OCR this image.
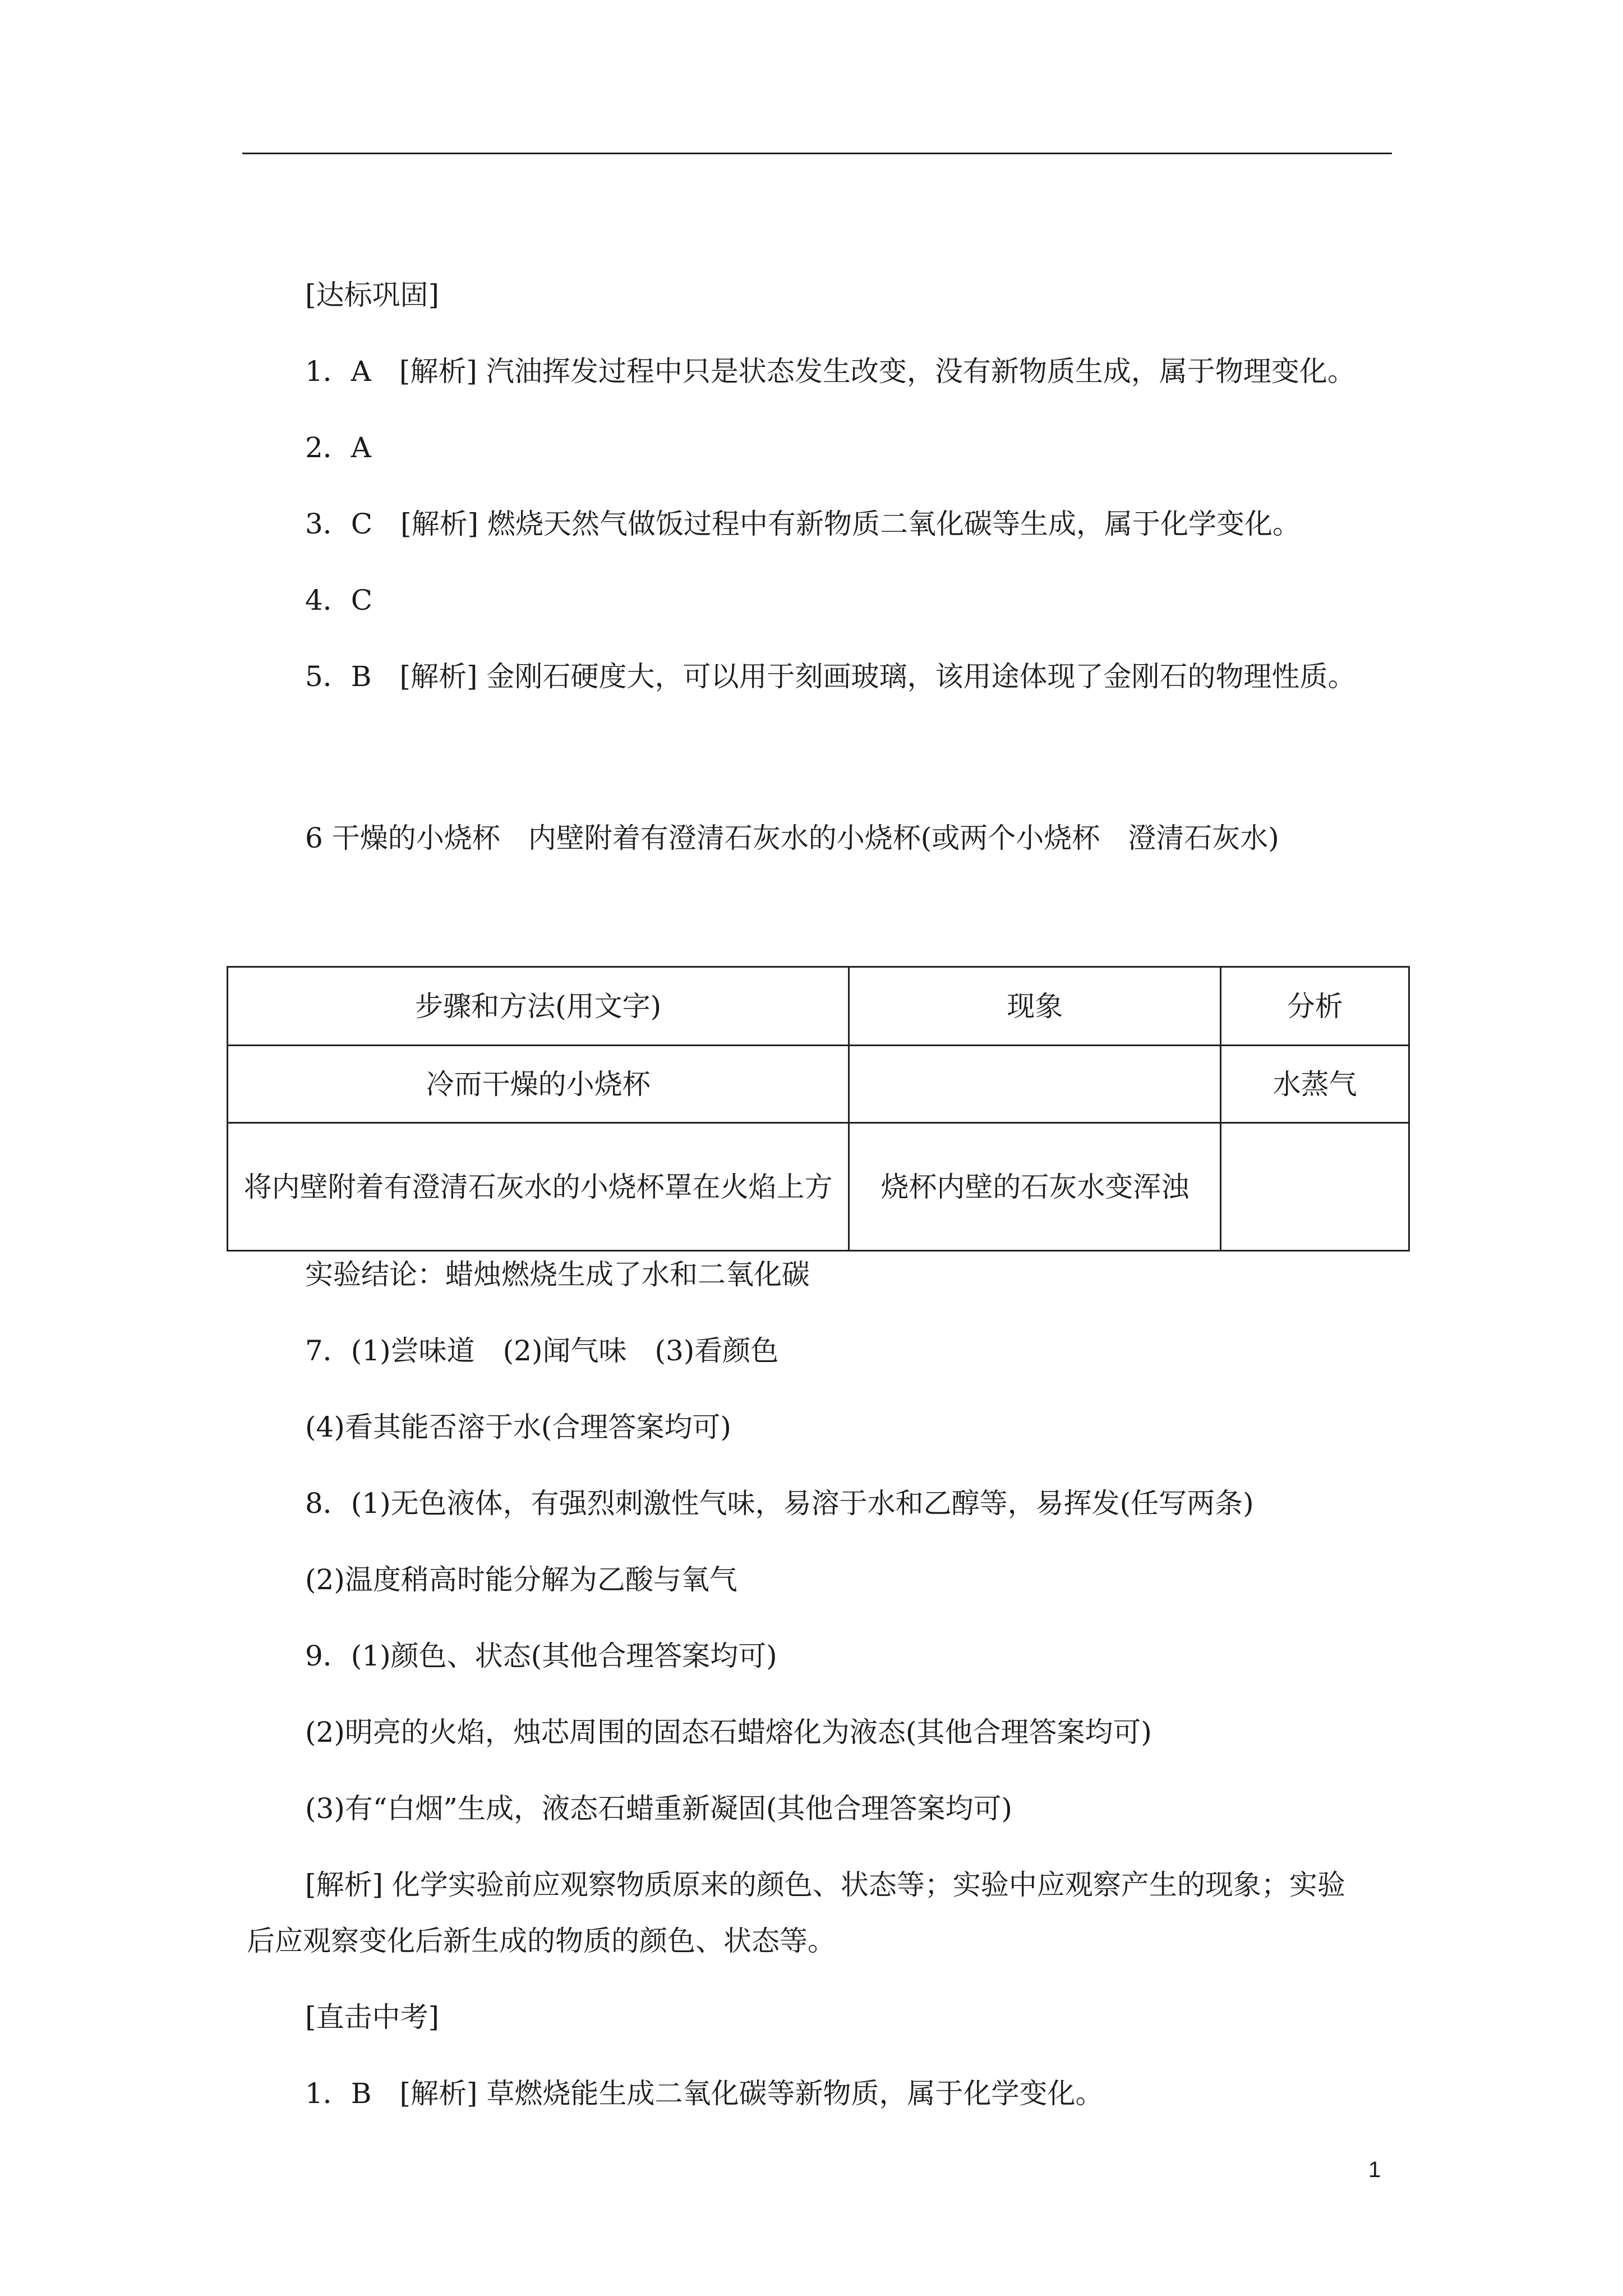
[达标巩固]
1．A　[解析] 汽油挥发过程中只是状态发生改变，没有新物质生成，属于物理变化。
2．A
3．C　[解析] 燃烧天然气做饭过程中有新物质二氧化碳等生成，属于化学变化。
4．C
5．B　[解析] 金刚石硬度大，可以用于刻画玻璃，该用途体现了金刚石的物理性质。
6 干燥的小烧杯　内壁附着有澄清石灰水的小烧杯(或两个小烧杯　澄清石灰水)
步骤和方法(用文字)	现象	分析
冷而干燥的小烧杯		水蒸气
将内壁附着有澄清石灰水的小烧杯罩在火焰上方	烧杯内壁的石灰水变浑浊	
实验结论：蜡烛燃烧生成了水和二氧化碳
7．(1)尝味道　(2)闻气味　(3)看颜色
(4)看其能否溶于水(合理答案均可)
8．(1)无色液体，有强烈刺激性气味，易溶于水和乙醇等，易挥发(任写两条)
(2)温度稍高时能分解为乙酸与氧气
9．(1)颜色、状态(其他合理答案均可)
(2)明亮的火焰，烛芯周围的固态石蜡熔化为液态(其他合理答案均可)
(3)有“白烟”生成，液态石蜡重新凝固(其他合理答案均可)
[解析] 化学实验前应观察物质原来的颜色、状态等；实验中应观察产生的现象；实验
后应观察变化后新生成的物质的颜色、状态等。
[直击中考]
1．B　[解析] 草燃烧能生成二氧化碳等新物质，属于化学变化。
1
